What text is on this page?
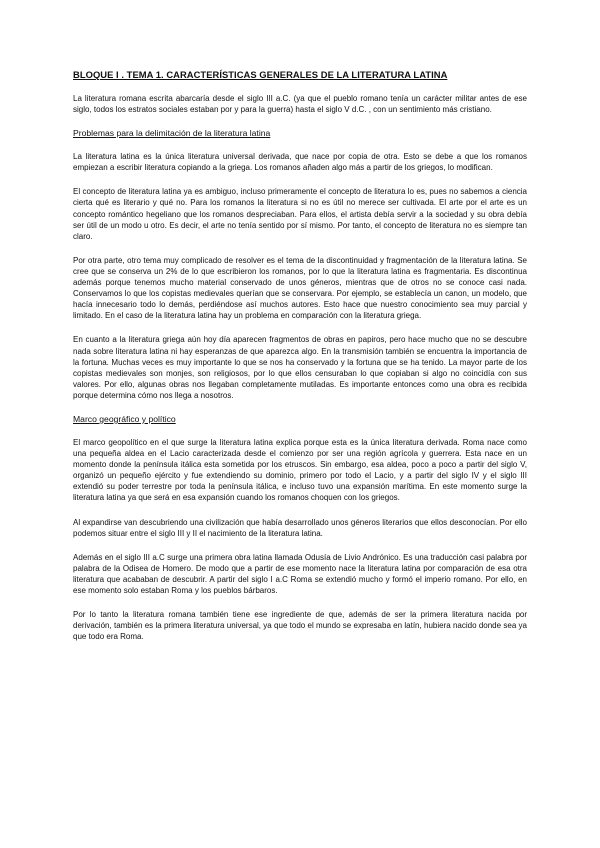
BLOQUE I . TEMA 1. CARACTERÍSTICAS GENERALES DE LA LITERATURA LATINA

La literatura romana escrita abarcaría desde el siglo III a.C. (ya que el pueblo romano tenía un carácter militar antes de ese siglo, todos los estratos sociales estaban por y para la guerra) hasta el siglo V d.C. , con un sentimiento más cristiano.

Problemas para la delimitación de la literatura latina

La literatura latina es la única literatura universal derivada, que nace por copia de otra. Esto se debe a que los romanos empiezan a escribir literatura copiando a la griega. Los romanos añaden algo más a partir de los griegos, lo modifican.

El concepto de literatura latina ya es ambiguo, incluso primeramente el concepto de literatura lo es, pues no sabemos a ciencia cierta qué es literario y qué no. Para los romanos la literatura si no es útil no merece ser cultivada. El arte por el arte es un concepto romántico hegeliano que los romanos despreciaban. Para ellos, el artista debía servir a la sociedad y su obra debía ser útil de un modo u otro. Es decir, el arte no tenía sentido por sí mismo. Por tanto, el concepto de literatura no es siempre tan claro.

Por otra parte, otro tema muy complicado de resolver es el tema de la discontinuidad y fragmentación de la literatura latina. Se cree que se conserva un 2% de lo que escribieron los romanos, por lo que la literatura latina es fragmentaria. Es discontinua además porque tenemos mucho material conservado de unos géneros, mientras que de otros no se conoce casi nada. Conservamos lo que los copistas medievales querían que se conservara. Por ejemplo, se establecía un canon, un modelo, que hacía innecesario todo lo demás, perdiéndose así muchos autores. Esto hace que nuestro conocimiento sea muy parcial y limitado. En el caso de la literatura latina hay un problema en comparación con la literatura griega.

En cuanto a la literatura griega aún hoy día aparecen fragmentos de obras en papiros, pero hace mucho que no se descubre nada sobre literatura latina ni hay esperanzas de que aparezca algo. En la transmisión también se encuentra la importancia de la fortuna. Muchas veces es muy importante lo que se nos ha conservado y la fortuna que se ha tenido. La mayor parte de los copistas medievales son monjes, son religiosos, por lo que ellos censuraban lo que copiaban si algo no coincidía con sus valores. Por ello, algunas obras nos llegaban completamente mutiladas. Es importante entonces como una obra es recibida porque determina cómo nos llega a nosotros.

Marco geográfico y político

El marco geopolítico en el que surge la literatura latina explica porque esta es la única literatura derivada. Roma nace como una pequeña aldea en el Lacio caracterizada desde el comienzo por ser una región agrícola y guerrera. Esta nace en un momento donde la península itálica esta sometida por los etruscos. Sin embargo, esa aldea, poco a poco a partir del siglo V, organizó un pequeño ejército y fue extendiendo su dominio, primero por todo el Lacio, y a partir del siglo IV y el siglo III extendió su poder terrestre por toda la península itálica, e incluso tuvo una expansión marítima. En este momento surge la literatura latina ya que será en esa expansión cuando los romanos choquen con los griegos.

Al expandirse van descubriendo una civilización que había desarrollado unos géneros literarios que ellos desconocían. Por ello podemos situar entre el siglo III y II el nacimiento de la literatura latina.

Además en el siglo III a.C surge una primera obra latina llamada Odusía de Livio Andrónico. Es una traducción casi palabra por palabra de la Odisea de Homero. De modo que a partir de ese momento nace la literatura latina por comparación de esa otra literatura que acababan de descubrir. A partir del siglo I a.C Roma se extendió mucho y formó el imperio romano. Por ello, en ese momento solo estaban Roma y los pueblos bárbaros.

Por lo tanto la literatura romana también tiene ese ingrediente de que, además de ser la primera literatura nacida por derivación, también es la primera literatura universal, ya que todo el mundo se expresaba en latín, hubiera nacido donde sea ya que todo era Roma.
